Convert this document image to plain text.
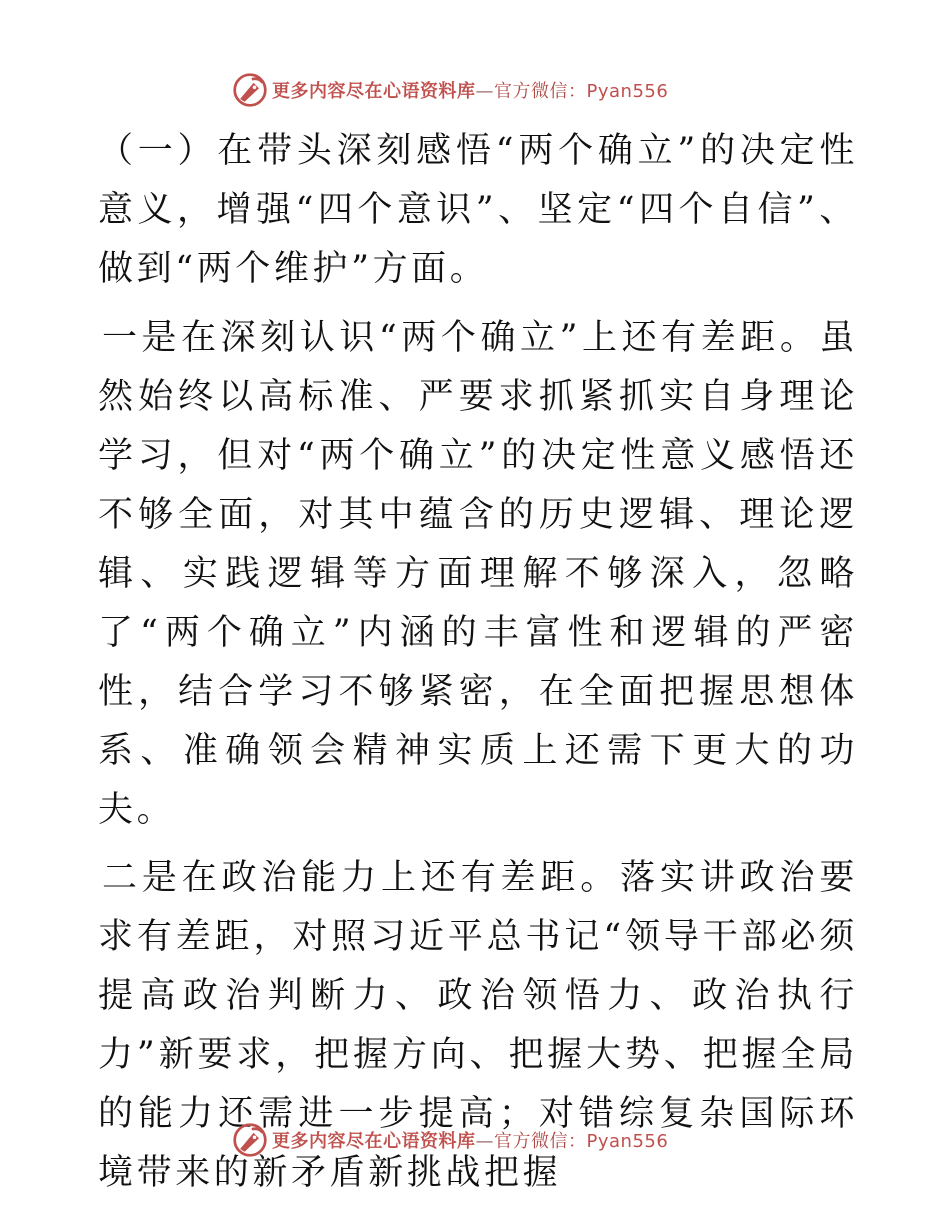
更多内容尽在心语资料库—官方微信：Pyan556

（一）在带头深刻感悟“两个确立”的决定性意义，增强“四个意识”、坚定“四个自信”、做到“两个维护”方面。

一是在深刻认识“两个确立”上还有差距。虽然始终以高标准、严要求抓紧抓实自身理论学习，但对“两个确立”的决定性意义感悟还不够全面，对其中蕴含的历史逻辑、理论逻辑、实践逻辑等方面理解不够深入，忽略了“两个确立”内涵的丰富性和逻辑的严密性，结合学习不够紧密，在全面把握思想体系、准确领会精神实质上还需下更大的功夫。

二是在政治能力上还有差距。落实讲政治要求有差距，对照习近平总书记“领导干部必须提高政治判断力、政治领悟力、政治执行力”新要求，把握方向、把握大势、把握全局的能力还需进一步提高；对错综复杂国际环境带来的新矛盾新挑战把握

更多内容尽在心语资料库—官方微信：Pyan556
